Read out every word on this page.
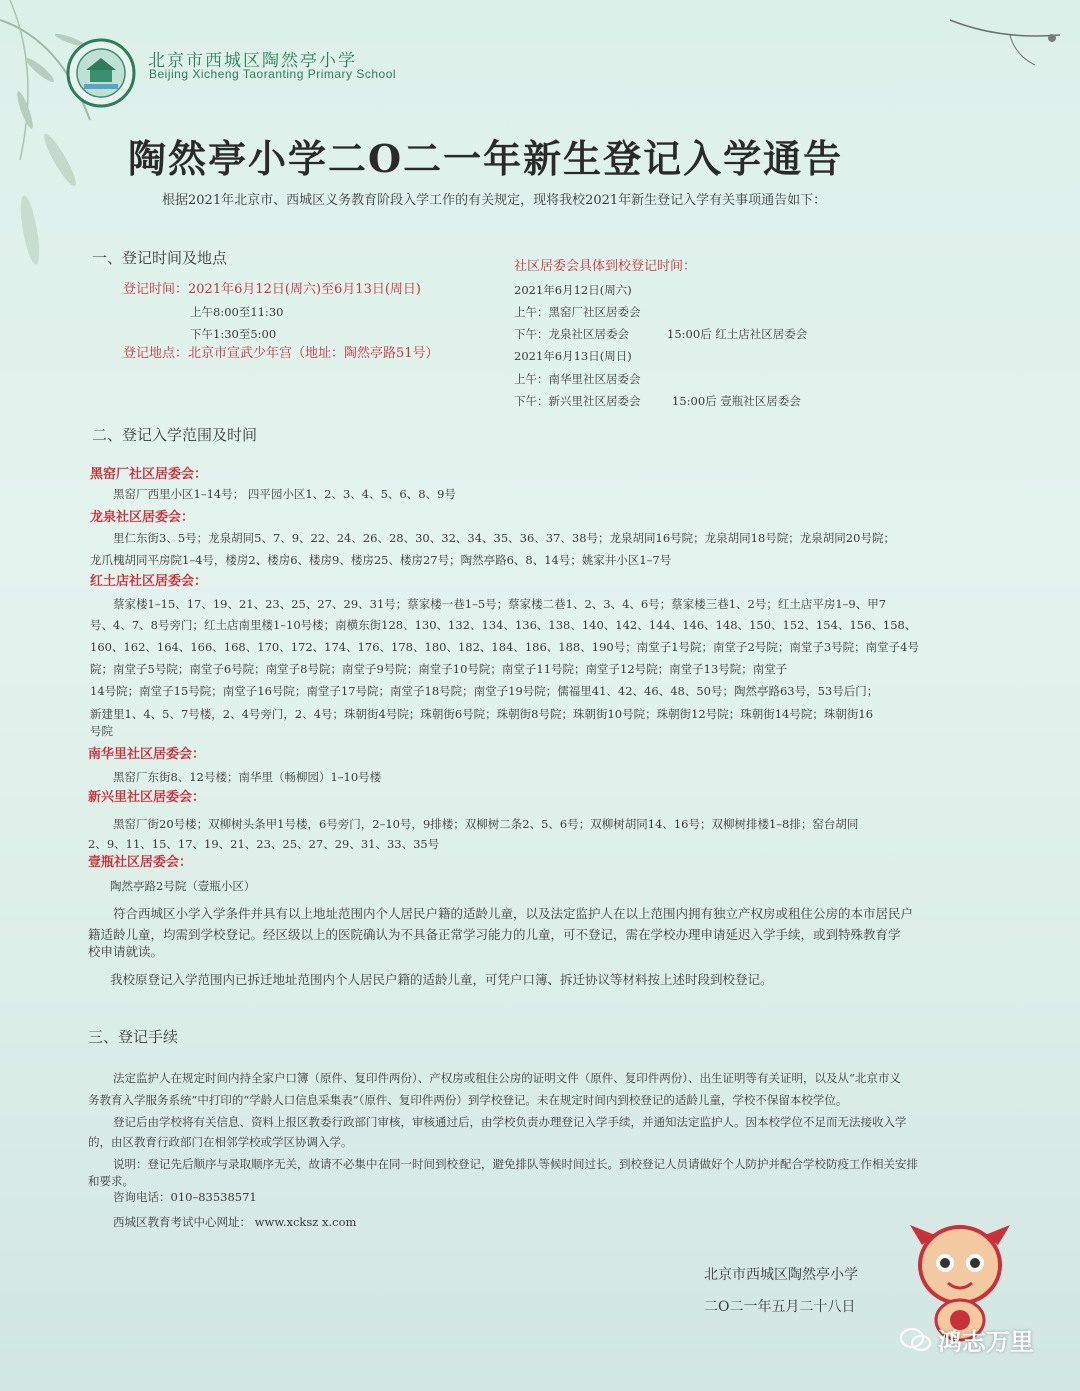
北京市西城区陶然亭小学
Beijing Xicheng Taoranting Primary School
陶然亭小学二O二一年新生登记入学通告
根据2021年北京市、西城区义务教育阶段入学工作的有关规定，现将我校2021年新生登记入学有关事项通告如下：
一、登记时间及地点
登记时间：2021年6月12日(周六)至6月13日(周日)
上午8:00至11:30
下午1:30至5:00
登记地点：北京市宣武少年宫（地址：陶然亭路51号）
社区居委会具体到校登记时间：
2021年6月12日(周六)
上午：黑窑厂社区居委会
下午：龙泉社区居委会	15:00后 红土店社区居委会
2021年6月13日(周日)
上午：南华里社区居委会
下午：新兴里社区居委会	15:00后 壹瓶社区居委会
二、登记入学范围及时间
黑窑厂社区居委会：
黑窑厂西里小区1–14号； 四平园小区1、2、3、4、5、6、8、9号
龙泉社区居委会：
里仁东街3、5号；龙泉胡同5、7、9、22、24、26、28、30、32、34、35、36、37、38号；龙泉胡同16号院；龙泉胡同18号院；龙泉胡同20号院；
龙爪槐胡同平房院1–4号，楼房2、楼房6、楼房9、楼房25、楼房27号；陶然亭路6、8、14号；姚家井小区1–7号
红土店社区居委会：
蔡家楼1–15、17、19、21、23、25、27、29、31号；蔡家楼一巷1–5号；蔡家楼二巷1、2、3、4、6号；蔡家楼三巷1、2号；红土店平房1–9、甲7
号、4、7、8号旁门；红土店南里楼1–10号楼；南横东街128、130、132、134、136、138、140、142、144、146、148、150、152、154、156、158、
160、162、164、166、168、170、172、174、176、178、180、182、184、186、188、190号；南堂子1号院；南堂子2号院；南堂子3号院；南堂子4号
院；南堂子5号院；南堂子6号院；南堂子8号院；南堂子9号院；南堂子10号院；南堂子11号院；南堂子12号院；南堂子13号院；南堂子
14号院；南堂子15号院；南堂子16号院；南堂子17号院；南堂子18号院；南堂子19号院；儒福里41、42、46、48、50号；陶然亭路63号，53号后门；
新建里1、4、5、7号楼，2、4号旁门，2、4号；珠朝街4号院；珠朝街6号院；珠朝街8号院；珠朝街10号院；珠朝街12号院；珠朝街14号院；珠朝街16
号院
南华里社区居委会：
黑窑厂东街8、12号楼；南华里（畅柳园）1–10号楼
新兴里社区居委会：
黑窑厂街20号楼；双柳树头条甲1号楼，6号旁门，2–10号，9排楼；双柳树二条2、5、6号；双柳树胡同14、16号；双柳树排楼1–8排；窑台胡同
2、9、11、15、17、19、21、23、25、27、29、31、33、35号
壹瓶社区居委会：
陶然亭路2号院（壹瓶小区）
符合西城区小学入学条件并具有以上地址范围内个人居民户籍的适龄儿童，以及法定监护人在以上范围内拥有独立产权房或租住公房的本市居民户
籍适龄儿童，均需到学校登记。经区级以上的医院确认为不具备正常学习能力的儿童，可不登记，需在学校办理申请延迟入学手续，或到特殊教育学
校申请就读。
我校原登记入学范围内已拆迁地址范围内个人居民户籍的适龄儿童，可凭户口簿、拆迁协议等材料按上述时段到校登记。
三、登记手续
法定监护人在规定时间内持全家户口簿（原件、复印件两份）、产权房或租住公房的证明文件（原件、复印件两份）、出生证明等有关证明，以及从“北京市义
务教育入学服务系统”中打印的“学龄人口信息采集表”（原件、复印件两份）到学校登记。未在规定时间内到校登记的适龄儿童，学校不保留本校学位。
登记后由学校将有关信息、资料上报区教委行政部门审核，审核通过后，由学校负责办理登记入学手续，并通知法定监护人。因本校学位不足而无法接收入学
的，由区教育行政部门在相邻学校或学区协调入学。
说明：登记先后顺序与录取顺序无关，故请不必集中在同一时间到校登记，避免排队等候时间过长。到校登记人员请做好个人防护并配合学校防疫工作相关安排
和要求。
咨询电话：010–83538571
西城区教育考试中心网址： www.xcksz x.com
北京市西城区陶然亭小学
二O二一年五月二十八日
鸿志万里
